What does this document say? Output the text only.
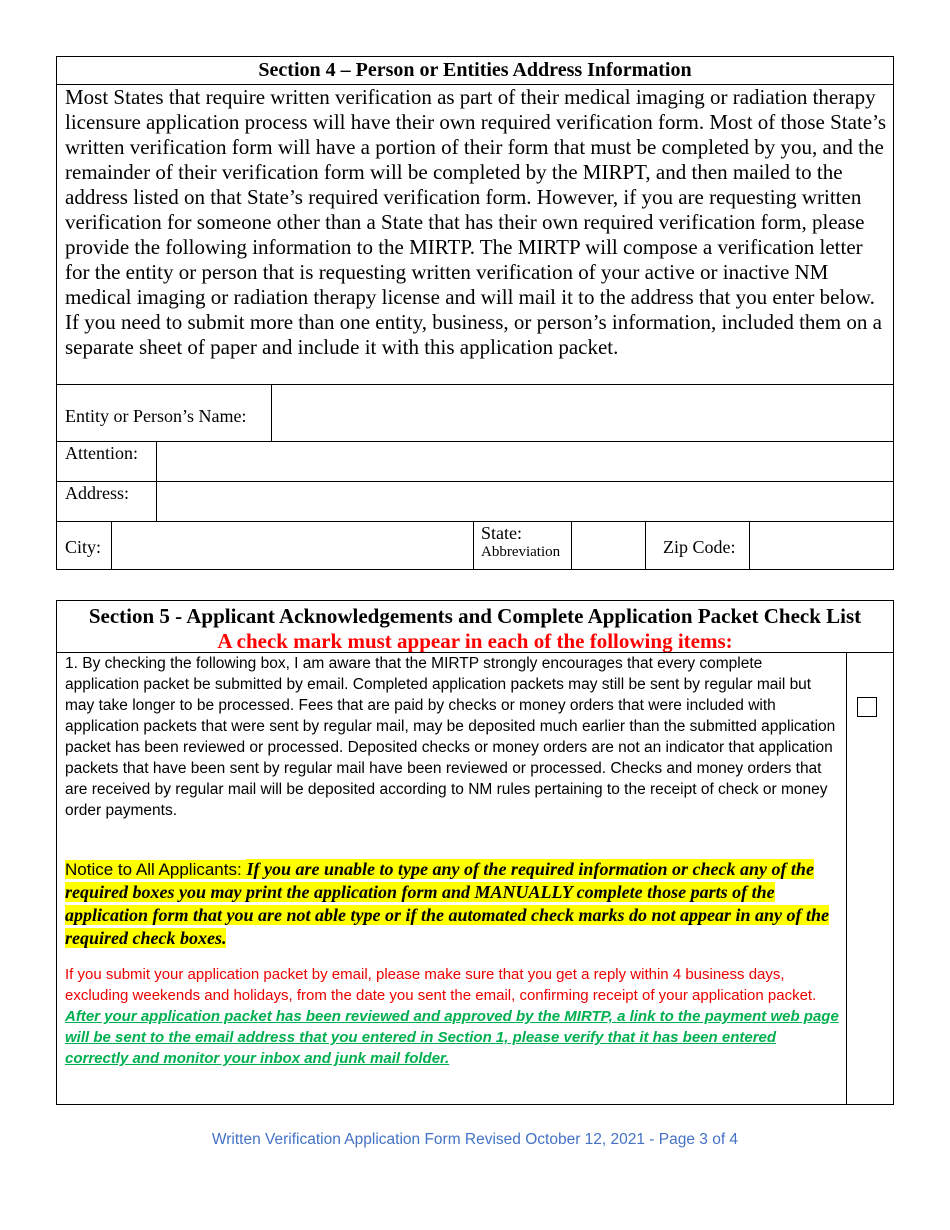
Section 4 – Person or Entities Address Information
Most States that require written verification as part of their medical imaging or radiation therapy licensure application process will have their own required verification form. Most of those State’s written verification form will have a portion of their form that must be completed by you, and the remainder of their verification form will be completed by the MIRPT, and then mailed to the address listed on that State’s required verification form. However, if you are requesting written verification for someone other than a State that has their own required verification form, please provide the following information to the MIRTP. The MIRTP will compose a verification letter for the entity or person that is requesting written verification of your active or inactive NM medical imaging or radiation therapy license and will mail it to the address that you enter below. If you need to submit more than one entity, business, or person’s information, included them on a separate sheet of paper and include it with this application packet.
Entity or Person’s Name:
Attention:
Address:
City:
State:
Abbreviation	Zip Code:
Section 5 - Applicant Acknowledgements and Complete Application Packet Check List
A check mark must appear in each of the following items:
1. By checking the following box, I am aware that the MIRTP strongly encourages that every complete application packet be submitted by email. Completed application packets may still be sent by regular mail but may take longer to be processed. Fees that are paid by checks or money orders that were included with application packets that were sent by regular mail, may be deposited much earlier than the submitted application packet has been reviewed or processed. Deposited checks or money orders are not an indicator that application packets that have been sent by regular mail have been reviewed or processed. Checks and money orders that are received by regular mail will be deposited according to NM rules pertaining to the receipt of check or money order payments.
Notice to All Applicants: If you are unable to type any of the required information or check any of the required boxes you may print the application form and MANUALLY complete those parts of the application form that you are not able type or if the automated check marks do not appear in any of the required check boxes.
If you submit your application packet by email, please make sure that you get a reply within 4 business days, excluding weekends and holidays, from the date you sent the email, confirming receipt of your application packet. After your application packet has been reviewed and approved by the MIRTP, a link to the payment web page will be sent to the email address that you entered in Section 1, please verify that it has been entered correctly and monitor your inbox and junk mail folder.
Written Verification Application Form Revised October 12, 2021 - Page 3 of 4
